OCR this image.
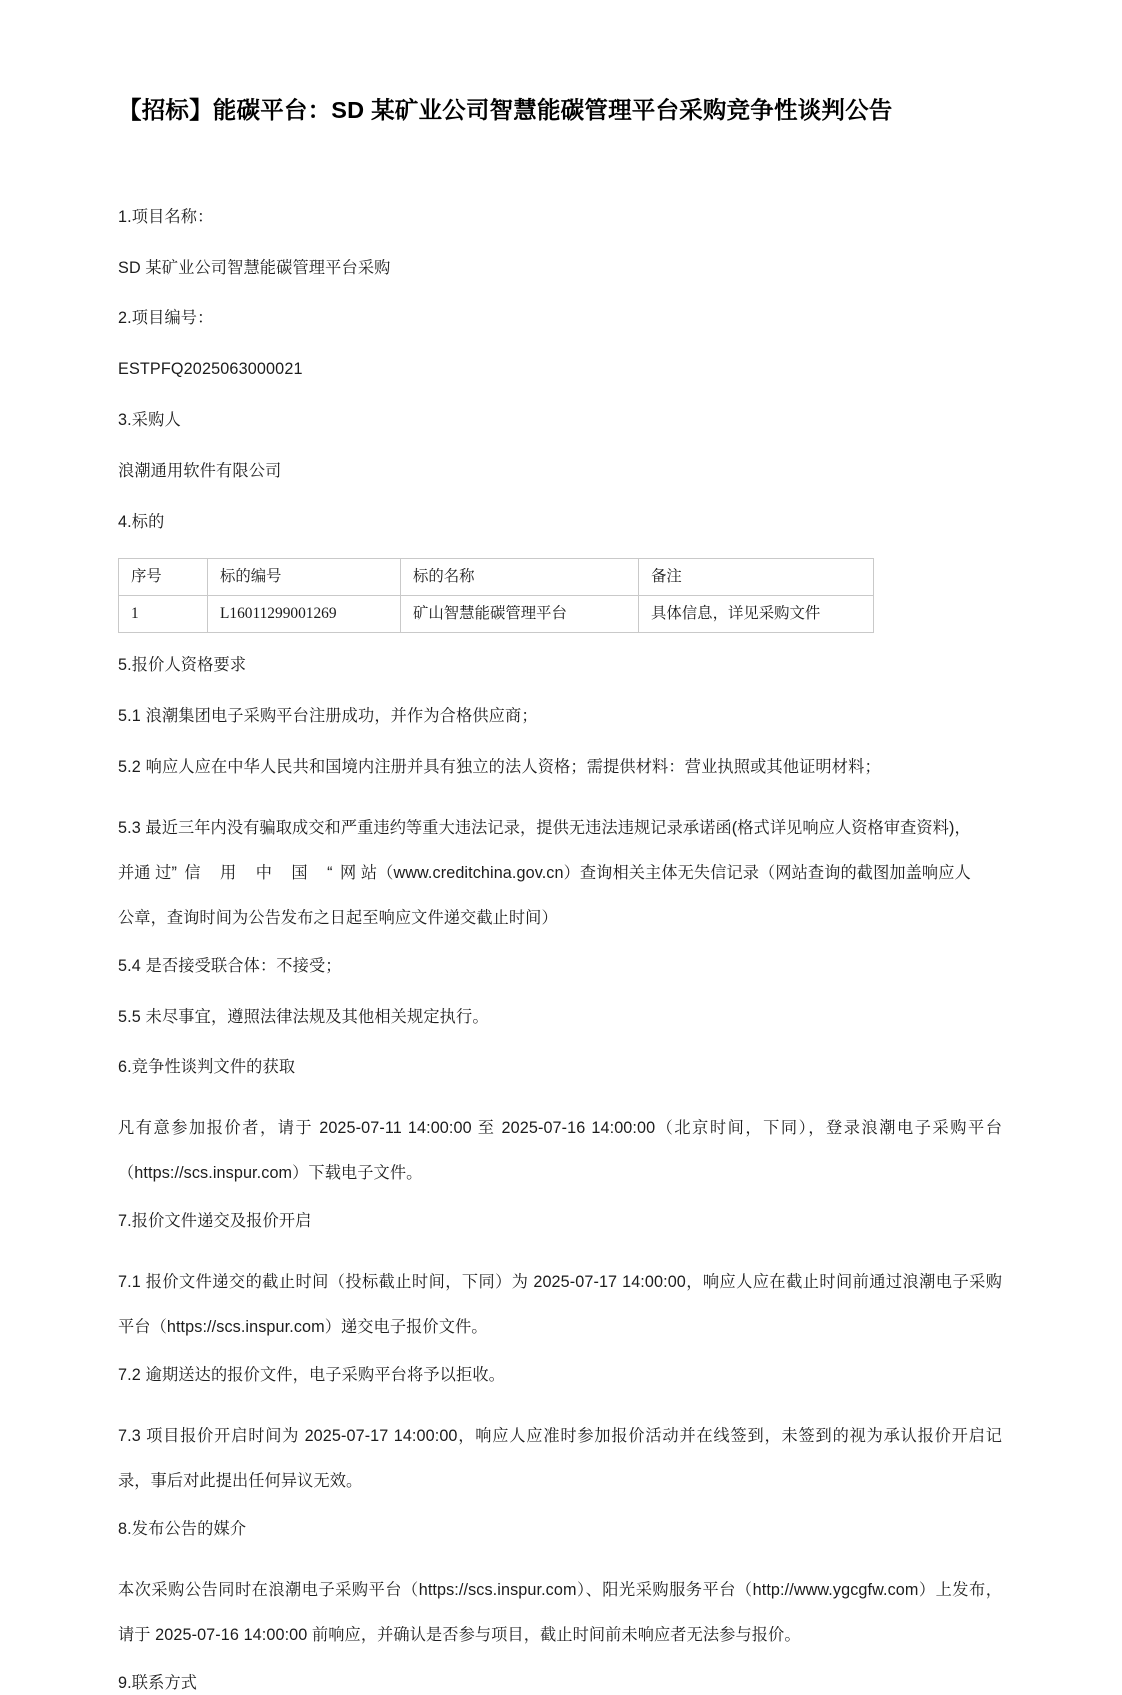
【招标】能碳平台：SD 某矿业公司智慧能碳管理平台采购竞争性谈判公告

1.项目名称：

SD 某矿业公司智慧能碳管理平台采购

2.项目编号：

ESTPFQ2025063000021

3.采购人

浪潮通用软件有限公司

4.标的

序号	标的编号	标的名称	备注
1	L16011299001269	矿山智慧能碳管理平台	具体信息，详见采购文件

5.报价人资格要求

5.1 浪潮集团电子采购平台注册成功，并作为合格供应商；

5.2 响应人应在中华人民共和国境内注册并具有独立的法人资格；需提供材料：营业执照或其他证明材料；

5.3 最近三年内没有骗取成交和严重违约等重大违法记录，提供无违法违规记录承诺函(格式详见响应人资格审查资料)，

并通 过”信 用 中 国 “网 站（www.creditchina.gov.cn）查询相关主体无失信记录（网站查询的截图加盖响应人

公章，查询时间为公告发布之日起至响应文件递交截止时间）

5.4 是否接受联合体：不接受；

5.5 未尽事宜，遵照法律法规及其他相关规定执行。

6.竞争性谈判文件的获取

凡有意参加报价者，请于 2025-07-11 14:00:00 至 2025-07-16 14:00:00（北京时间，下同），登录浪潮电子采购平台（https://scs.inspur.com）下载电子文件。

7.报价文件递交及报价开启

7.1 报价文件递交的截止时间（投标截止时间，下同）为 2025-07-17 14:00:00，响应人应在截止时间前通过浪潮电子采购平台（https://scs.inspur.com）递交电子报价文件。

7.2 逾期送达的报价文件，电子采购平台将予以拒收。

7.3 项目报价开启时间为 2025-07-17 14:00:00，响应人应准时参加报价活动并在线签到，未签到的视为承认报价开启记录，事后对此提出任何异议无效。

8.发布公告的媒介

本次采购公告同时在浪潮电子采购平台（https://scs.inspur.com）、阳光采购服务平台（http://www.ygcgfw.com）上发布，请于 2025-07-16 14:00:00 前响应，并确认是否参与项目，截止时间前未响应者无法参与报价。

9.联系方式
